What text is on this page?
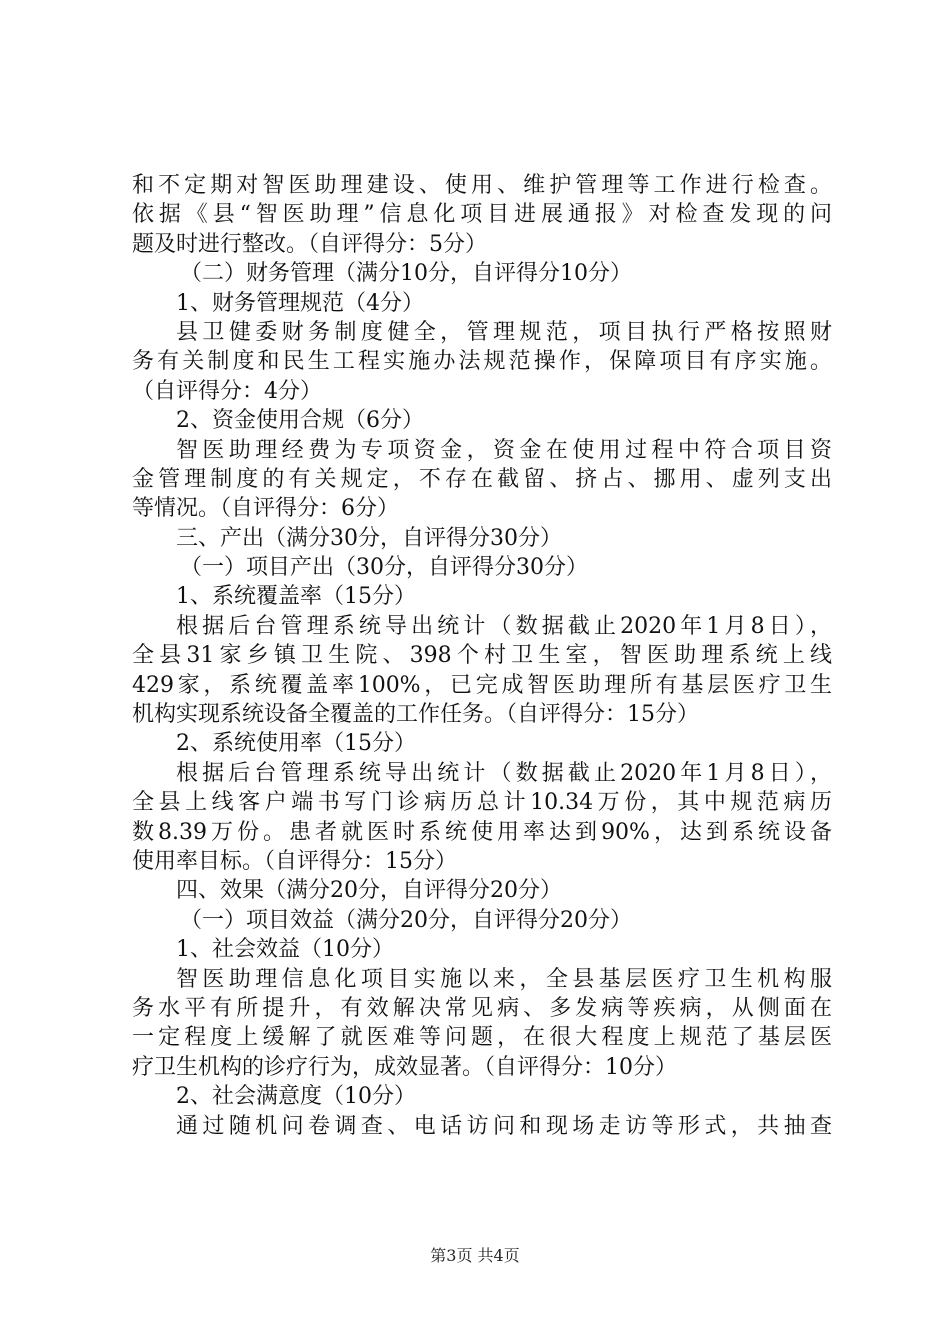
和不定期对智医助理建设、使用、维护管理等工作进行检查。
依据《县“智医助理”信息化项目进展通报》对检查发现的问
题及时进行整改。（自评得分：5分）
（二）财务管理（满分10分，自评得分10分）
1、财务管理规范（4分）
县卫健委财务制度健全，管理规范，项目执行严格按照财
务有关制度和民生工程实施办法规范操作，保障项目有序实施。
（自评得分：4分）
2、资金使用合规（6分）
智医助理经费为专项资金，资金在使用过程中符合项目资
金管理制度的有关规定，不存在截留、挤占、挪用、虚列支出
等情况。（自评得分：6分）
三、产出（满分30分，自评得分30分）
（一）项目产出（30分，自评得分30分）
1、系统覆盖率（15分）
根据后台管理系统导出统计（数据截止2020年1月8日），
全县31家乡镇卫生院、398个村卫生室，智医助理系统上线
429家，系统覆盖率100%，已完成智医助理所有基层医疗卫生
机构实现系统设备全覆盖的工作任务。（自评得分：15分）
2、系统使用率（15分）
根据后台管理系统导出统计（数据截止2020年1月8日），
全县上线客户端书写门诊病历总计10.34万份，其中规范病历
数8.39万份。患者就医时系统使用率达到90%，达到系统设备
使用率目标。（自评得分：15分）
四、效果（满分20分，自评得分20分）
（一）项目效益（满分20分，自评得分20分）
1、社会效益（10分）
智医助理信息化项目实施以来，全县基层医疗卫生机构服
务水平有所提升，有效解决常见病、多发病等疾病，从侧面在
一定程度上缓解了就医难等问题，在很大程度上规范了基层医
疗卫生机构的诊疗行为，成效显著。（自评得分：10分）
2、社会满意度（10分）
通过随机问卷调查、电话访问和现场走访等形式，共抽查
第3页 共4页
